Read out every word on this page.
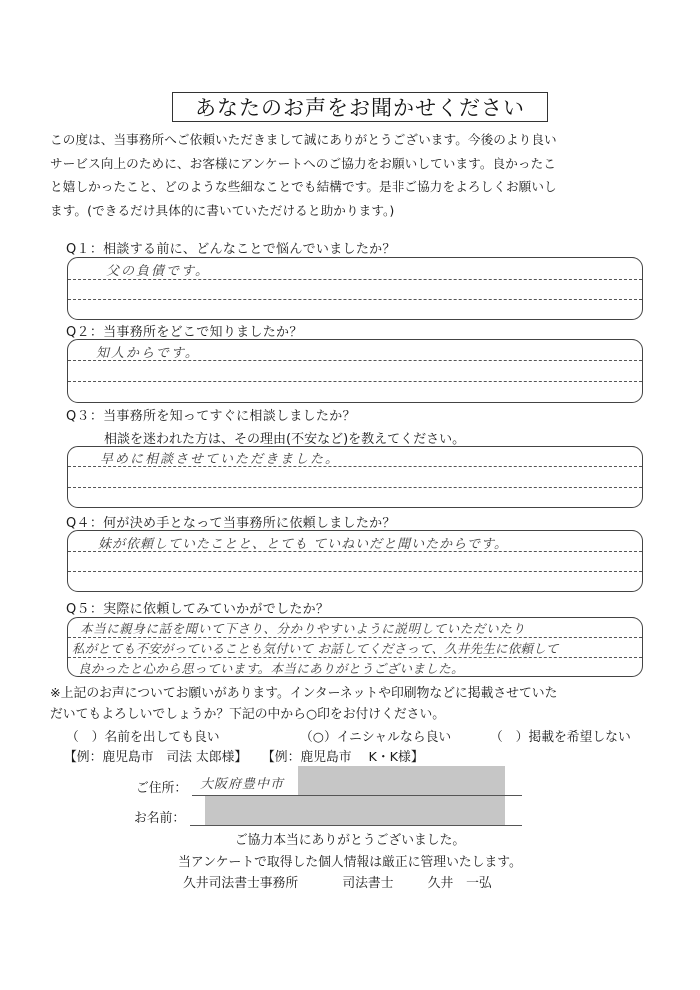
あなたのお声をお聞かせください
この度は、当事務所へご依頼いただきまして誠にありがとうございます。今後のより良い
サービス向上のために、お客様にアンケートへのご協力をお願いしています。良かったこ
と嬉しかったこと、どのような些細なことでも結構です。是非ご協力をよろしくお願いし
ます。(できるだけ具体的に書いていただけると助かります。)
Q１：相談する前に、どんなことで悩んでいましたか？
父の負債です。
Q２：当事務所をどこで知りましたか？
知人からです。
Q３：当事務所を知ってすぐに相談しましたか？
相談を迷われた方は、その理由(不安など)を教えてください。
早めに相談させていただきました。
Q４：何が決め手となって当事務所に依頼しましたか？
妹が依頼していたことと、とても ていねいだと聞いたからです。
Q５：実際に依頼してみていかがでしたか？
本当に親身に話を聞いて下さり、分かりやすいように説明していただいたり
私がとても不安がっていることも気付いて お話してくださって、久井先生に依頼して
良かったと心から思っています。本当にありがとうございました。
※上記のお声についてお願いがあります。インターネットや印刷物などに掲載させていた
だいてもよろしいでしょうか？下記の中から○印をお付けください。
（　）名前を出しても良い	（○）イニシャルなら良い	（　）掲載を希望しない
【例：鹿児島市　司法 太郎様】 【例：鹿児島市　 K・K様】
ご住所： 大阪府豊中市
お名前：
ご協力本当にありがとうございました。
当アンケートで取得した個人情報は厳正に管理いたします。
久井司法書士事務所	司法書士	久井　一弘
